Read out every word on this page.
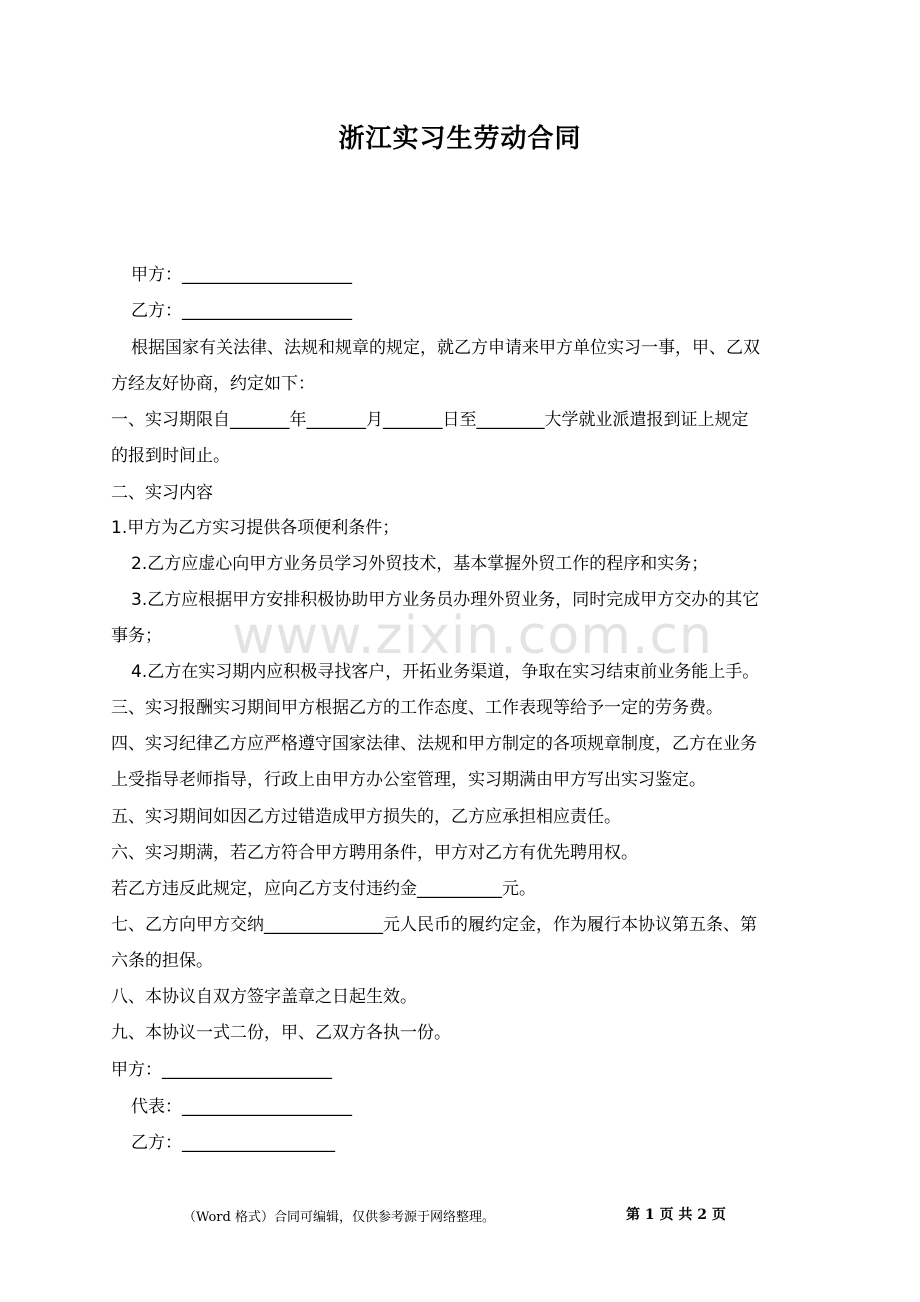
浙江实习生劳动合同
www.zixin.com.cn
甲方：____________________
乙方：____________________
根据国家有关法律、法规和规章的规定，就乙方申请来甲方单位实习一事，甲、乙双
方经友好协商，约定如下：
一、实习期限自_______年_______月_______日至________大学就业派遣报到证上规定
的报到时间止。
二、实习内容
1.甲方为乙方实习提供各项便利条件；
2.乙方应虚心向甲方业务员学习外贸技术，基本掌握外贸工作的程序和实务；
3.乙方应根据甲方安排积极协助甲方业务员办理外贸业务，同时完成甲方交办的其它
事务；
4.乙方在实习期内应积极寻找客户，开拓业务渠道，争取在实习结束前业务能上手。
三、实习报酬实习期间甲方根据乙方的工作态度、工作表现等给予一定的劳务费。
四、实习纪律乙方应严格遵守国家法律、法规和甲方制定的各项规章制度，乙方在业务
上受指导老师指导，行政上由甲方办公室管理，实习期满由甲方写出实习鉴定。
五、实习期间如因乙方过错造成甲方损失的，乙方应承担相应责任。
六、实习期满，若乙方符合甲方聘用条件，甲方对乙方有优先聘用权。
若乙方违反此规定，应向乙方支付违约金__________元。
七、乙方向甲方交纳______________元人民币的履约定金，作为履行本协议第五条、第
六条的担保。
八、本协议自双方签字盖章之日起生效。
九、本协议一式二份，甲、乙双方各执一份。
甲方：____________________
代表：____________________
乙方：__________________
（Word 格式）合同可编辑，仅供参考源于网络整理。	第 1 页 共 2 页
